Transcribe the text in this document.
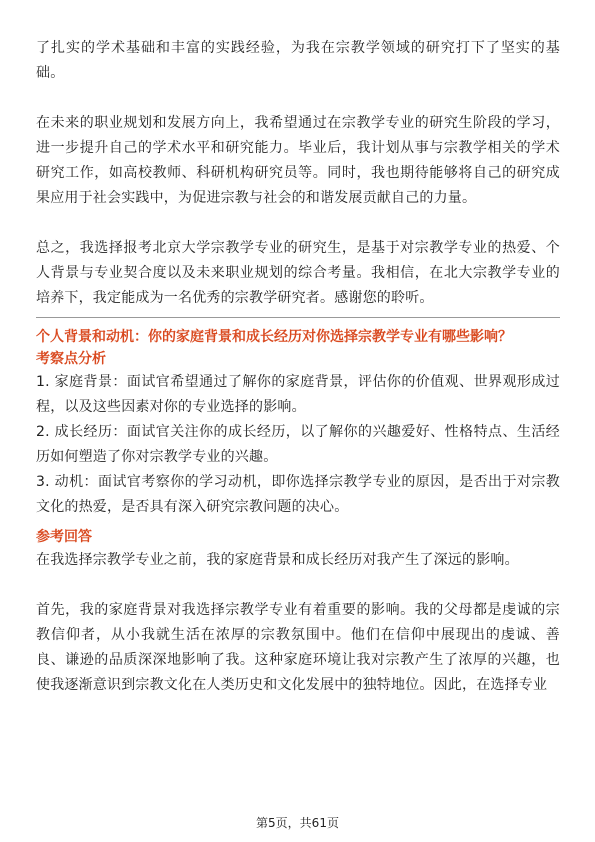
了扎实的学术基础和丰富的实践经验，为我在宗教学领域的研究打下了坚实的基础。

在未来的职业规划和发展方向上，我希望通过在宗教学专业的研究生阶段的学习，进一步提升自己的学术水平和研究能力。毕业后，我计划从事与宗教学相关的学术研究工作，如高校教师、科研机构研究员等。同时，我也期待能够将自己的研究成果应用于社会实践中，为促进宗教与社会的和谐发展贡献自己的力量。

总之，我选择报考北京大学宗教学专业的研究生，是基于对宗教学专业的热爱、个人背景与专业契合度以及未来职业规划的综合考量。我相信，在北大宗教学专业的培养下，我定能成为一名优秀的宗教学研究者。感谢您的聆听。

个人背景和动机：你的家庭背景和成长经历对你选择宗教学专业有哪些影响？

考察点分析

1. 家庭背景：面试官希望通过了解你的家庭背景，评估你的价值观、世界观形成过程，以及这些因素对你的专业选择的影响。

2. 成长经历：面试官关注你的成长经历，以了解你的兴趣爱好、性格特点、生活经历如何塑造了你对宗教学专业的兴趣。

3. 动机：面试官考察你的学习动机，即你选择宗教学专业的原因，是否出于对宗教文化的热爱，是否具有深入研究宗教问题的决心。

参考回答

在我选择宗教学专业之前，我的家庭背景和成长经历对我产生了深远的影响。

首先，我的家庭背景对我选择宗教学专业有着重要的影响。我的父母都是虔诚的宗教信仰者，从小我就生活在浓厚的宗教氛围中。他们在信仰中展现出的虔诚、善良、谦逊的品质深深地影响了我。这种家庭环境让我对宗教产生了浓厚的兴趣，也使我逐渐意识到宗教文化在人类历史和文化发展中的独特地位。因此，在选择专业

第5页，共61页
